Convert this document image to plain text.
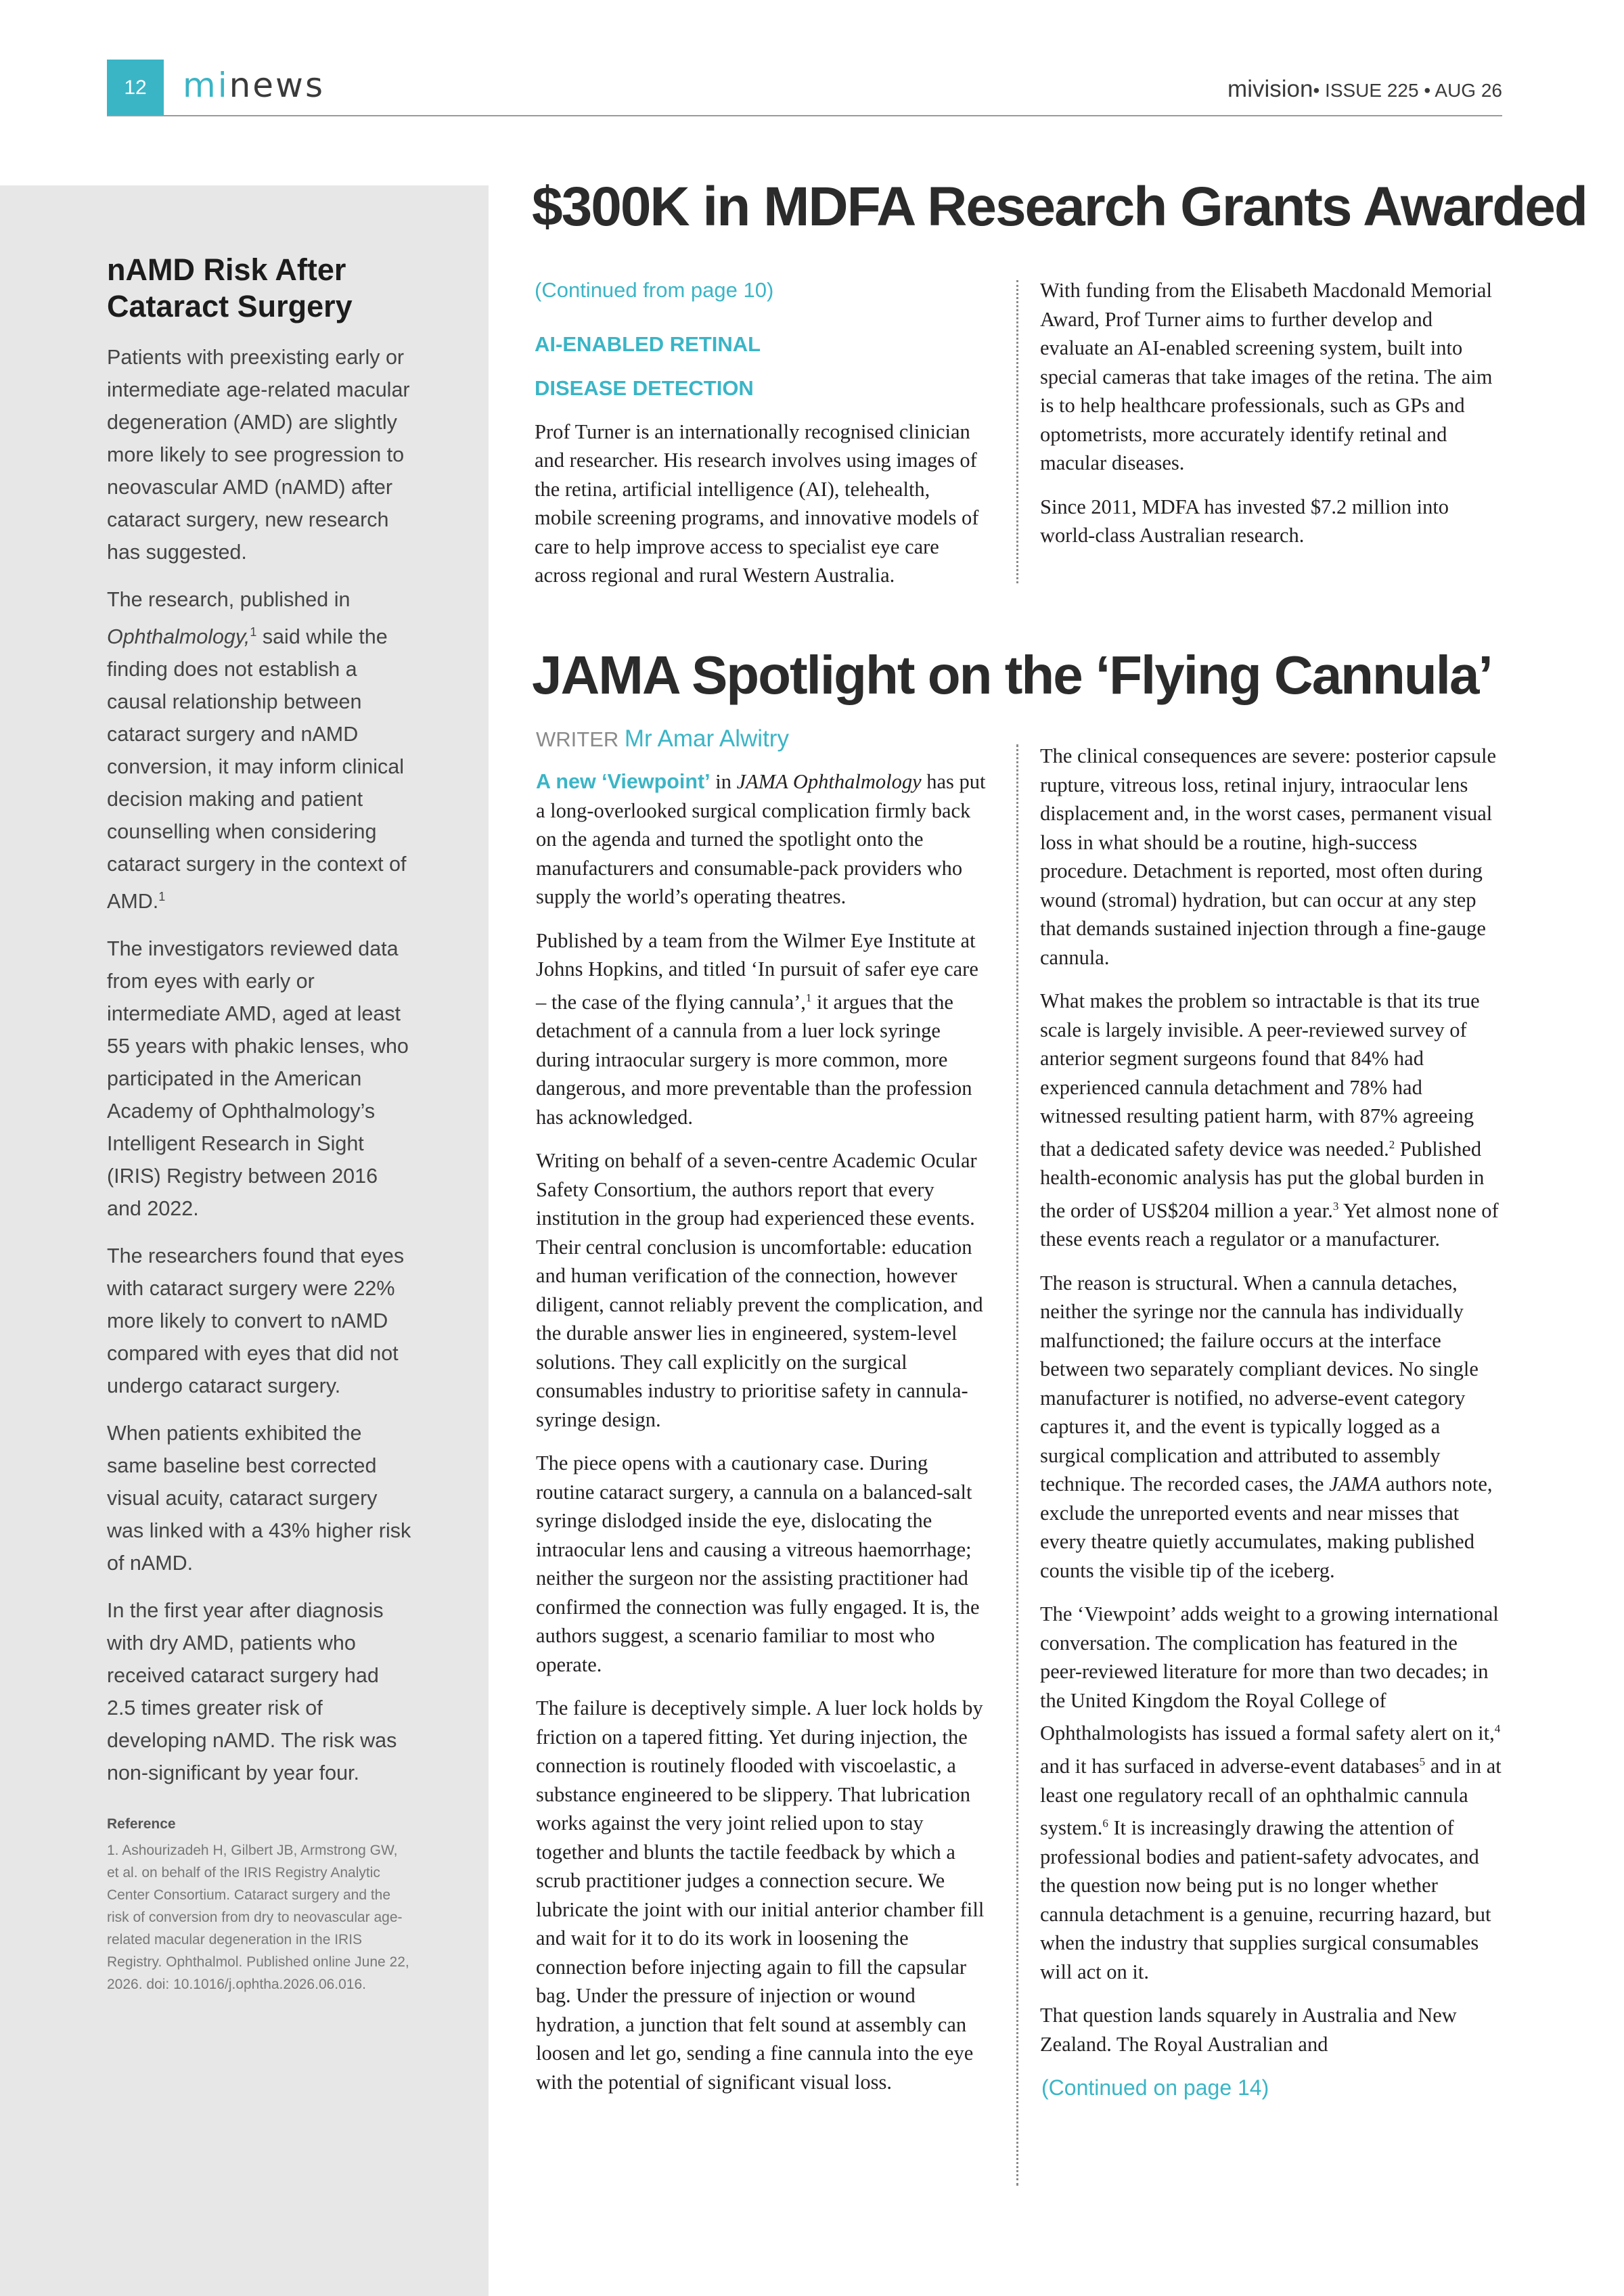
12	minews	mivision• ISSUE 225 • AUG 26
nAMD Risk After Cataract Surgery

Patients with preexisting early or intermediate age-related macular degeneration (AMD) are slightly more likely to see progression to neovascular AMD (nAMD) after cataract surgery, new research has suggested.

The research, published in Ophthalmology,$^1$ said while the finding does not establish a causal relationship between cataract surgery and nAMD conversion, it may inform clinical decision making and patient counselling when considering cataract surgery in the context of AMD.$^1$

The investigators reviewed data from eyes with early or intermediate AMD, aged at least 55 years with phakic lenses, who participated in the American Academy of Ophthalmology’s Intelligent Research in Sight (IRIS) Registry between 2016 and 2022.

The researchers found that eyes with cataract surgery were 22% more likely to convert to nAMD compared with eyes that did not undergo cataract surgery.

When patients exhibited the same baseline best corrected visual acuity, cataract surgery was linked with a 43% higher risk of nAMD.

In the first year after diagnosis with dry AMD, patients who received cataract surgery had 2.5 times greater risk of developing nAMD. The risk was non-significant by year four.

Reference

1. Ashourizadeh H, Gilbert JB, Armstrong GW, et al. on behalf of the IRIS Registry Analytic Center Consortium. Cataract surgery and the risk of conversion from dry to neovascular age-related macular degeneration in the IRIS Registry. Ophthalmol. Published online June 22, 2026. doi: 10.1016/j.ophtha.2026.06.016.

$300K in MDFA Research Grants Awarded

(Continued from page 10)

AI-ENABLED RETINAL

DISEASE DETECTION

Prof Turner is an internationally recognised clinician and researcher. His research involves using images of the retina, artificial intelligence (AI), telehealth, mobile screening programs, and innovative models of care to help improve access to specialist eye care across regional and rural Western Australia.

With funding from the Elisabeth Macdonald Memorial Award, Prof Turner aims to further develop and evaluate an AI-enabled screening system, built into special cameras that take images of the retina. The aim is to help healthcare professionals, such as GPs and optometrists, more accurately identify retinal and macular diseases.

Since 2011, MDFA has invested $7.2 million into world-class Australian research.

JAMA Spotlight on the ‘Flying Cannula’
WRITER Mr Amar Alwitry

A new ‘Viewpoint’ in JAMA Ophthalmology has put a long-overlooked surgical complication firmly back on the agenda and turned the spotlight onto the manufacturers and consumable-pack providers who supply the world’s operating theatres.

Published by a team from the Wilmer Eye Institute at Johns Hopkins, and titled ‘In pursuit of safer eye care – the case of the flying cannula’,$^1$ it argues that the detachment of a cannula from a luer lock syringe during intraocular surgery is more common, more dangerous, and more preventable than the profession has acknowledged.

Writing on behalf of a seven-centre Academic Ocular Safety Consortium, the authors report that every institution in the group had experienced these events. Their central conclusion is uncomfortable: education and human verification of the connection, however diligent, cannot reliably prevent the complication, and the durable answer lies in engineered, system-level solutions. They call explicitly on the surgical consumables industry to prioritise safety in cannula-syringe design.

The piece opens with a cautionary case. During routine cataract surgery, a cannula on a balanced-salt syringe dislodged inside the eye, dislocating the intraocular lens and causing a vitreous haemorrhage; neither the surgeon nor the assisting practitioner had confirmed the connection was fully engaged. It is, the authors suggest, a scenario familiar to most who operate.

The failure is deceptively simple. A luer lock holds by friction on a tapered fitting. Yet during injection, the connection is routinely flooded with viscoelastic, a substance engineered to be slippery. That lubrication works against the very joint relied upon to stay together and blunts the tactile feedback by which a scrub practitioner judges a connection secure. We lubricate the joint with our initial anterior chamber fill and wait for it to do its work in loosening the connection before injecting again to fill the capsular bag. Under the pressure of injection or wound hydration, a junction that felt sound at assembly can loosen and let go, sending a fine cannula into the eye with the potential of significant visual loss.

The clinical consequences are severe: posterior capsule rupture, vitreous loss, retinal injury, intraocular lens displacement and, in the worst cases, permanent visual loss in what should be a routine, high-success procedure. Detachment is reported, most often during wound (stromal) hydration, but can occur at any step that demands sustained injection through a fine-gauge cannula.

What makes the problem so intractable is that its true scale is largely invisible. A peer-reviewed survey of anterior segment surgeons found that 84% had experienced cannula detachment and 78% had witnessed resulting patient harm, with 87% agreeing that a dedicated safety device was needed.$^2$ Published health-economic analysis has put the global burden in the order of US$204 million a year.$^3$ Yet almost none of these events reach a regulator or a manufacturer.

The reason is structural. When a cannula detaches, neither the syringe nor the cannula has individually malfunctioned; the failure occurs at the interface between two separately compliant devices. No single manufacturer is notified, no adverse-event category captures it, and the event is typically logged as a surgical complication and attributed to assembly technique. The recorded cases, the JAMA authors note, exclude the unreported events and near misses that every theatre quietly accumulates, making published counts the visible tip of the iceberg.

The ‘Viewpoint’ adds weight to a growing international conversation. The complication has featured in the peer-reviewed literature for more than two decades; in the United Kingdom the Royal College of Ophthalmologists has issued a formal safety alert on it,$^4$ and it has surfaced in adverse-event databases$^5$ and in at least one regulatory recall of an ophthalmic cannula system.$^6$ It is increasingly drawing the attention of professional bodies and patient-safety advocates, and the question now being put is no longer whether cannula detachment is a genuine, recurring hazard, but when the industry that supplies surgical consumables will act on it.

That question lands squarely in Australia and New Zealand. The Royal Australian and

(Continued on page 14)
